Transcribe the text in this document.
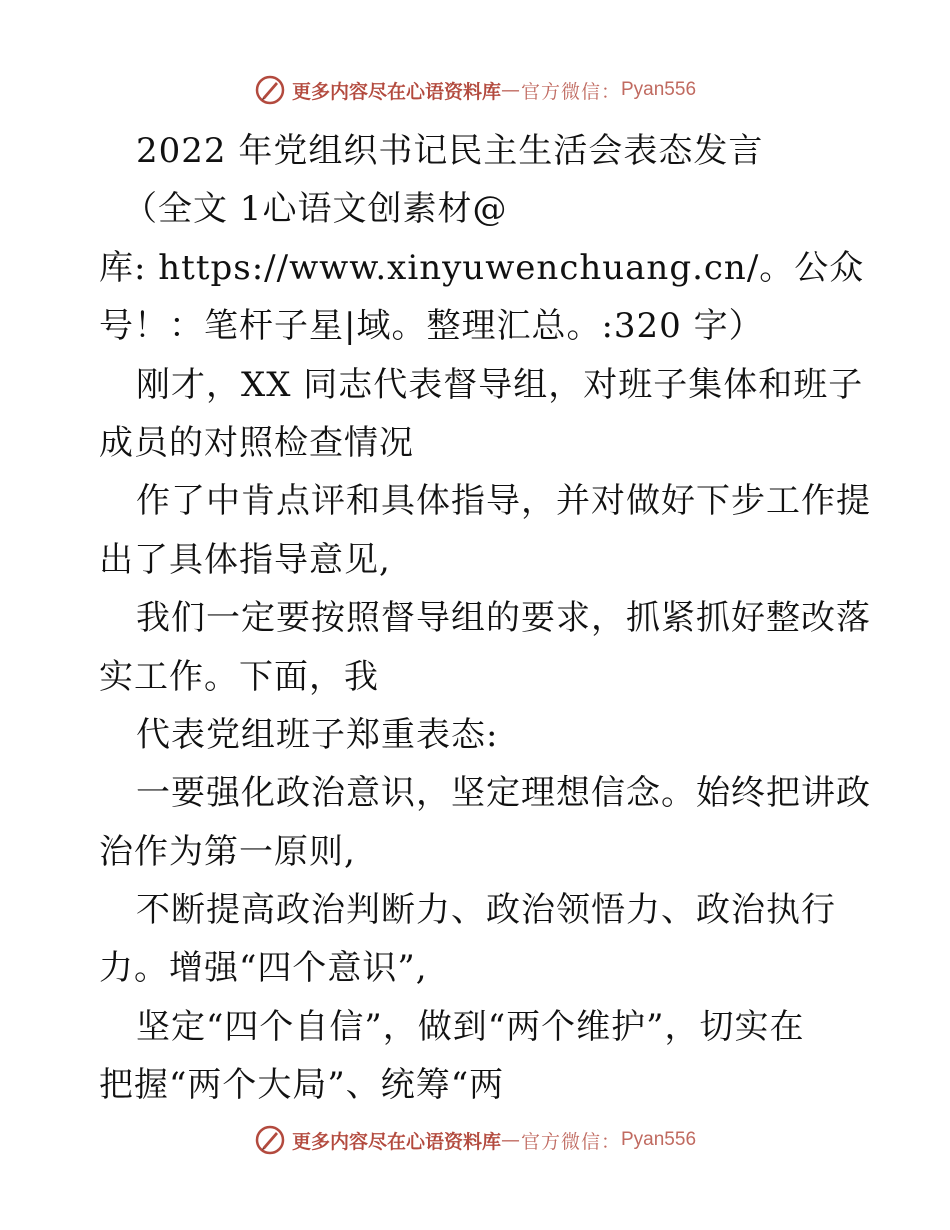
更多内容尽在心语资料库 — 官方微信： Pyan556
2022 年党组织书记民主生活会表态发言
（全文 1心语文创素材@
库: https://www.xinyuwenchuang.cn/。公众
号！：笔杆子星|域。整理汇总。:320 字）
刚才，XX 同志代表督导组，对班子集体和班子
成员的对照检查情况
作了中肯点评和具体指导，并对做好下步工作提
出了具体指导意见,
我们一定要按照督导组的要求，抓紧抓好整改落
实工作。下面，我
代表党组班子郑重表态:
一要强化政治意识，坚定理想信念。始终把讲政
治作为第一原则,
不断提高政治判断力、政治领悟力、政治执行
力。增强“四个意识”,
坚定“四个自信”，做到“两个维护”，切实在
把握“两个大局”、统筹“两
更多内容尽在心语资料库 — 官方微信： Pyan556
